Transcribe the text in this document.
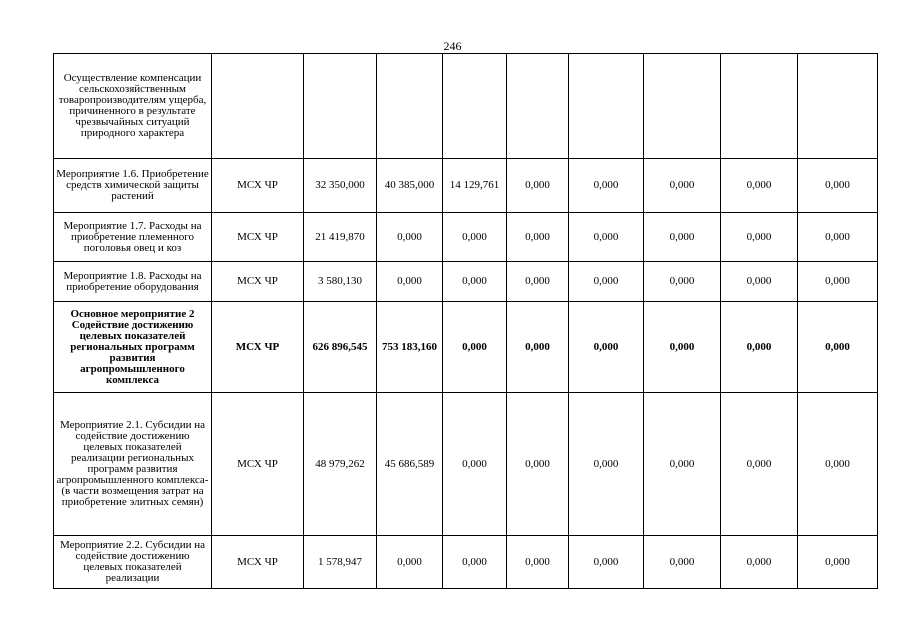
246
Осуществление компенсации сельскохозяйственным товаропроизводителям ущерба, причиненного в результате чрезвычайных ситуаций природного характера									
Мероприятие 1.6. Приобретение средств химической защиты растений	МСХ ЧР	32 350,000	40 385,000	14 129,761	0,000	0,000	0,000	0,000	0,000
Мероприятие 1.7. Расходы на приобретение племенного поголовья овец и коз	МСХ ЧР	21 419,870	0,000	0,000	0,000	0,000	0,000	0,000	0,000
Мероприятие 1.8. Расходы на приобретение оборудования	МСХ ЧР	3 580,130	0,000	0,000	0,000	0,000	0,000	0,000	0,000
Основное мероприятие 2 Содействие достижению целевых показателей региональных программ развития агропромышленного комплекса	МСХ ЧР	626 896,545	753 183,160	0,000	0,000	0,000	0,000	0,000	0,000
Мероприятие 2.1. Субсидии на содействие достижению целевых показателей реализации региональных программ развития агропромышленного комплекса-(в части возмещения затрат на приобретение элитных семян)	МСХ ЧР	48 979,262	45 686,589	0,000	0,000	0,000	0,000	0,000	0,000
Мероприятие 2.2. Субсидии на содействие достижению целевых показателей реализации	МСХ ЧР	1 578,947	0,000	0,000	0,000	0,000	0,000	0,000	0,000
